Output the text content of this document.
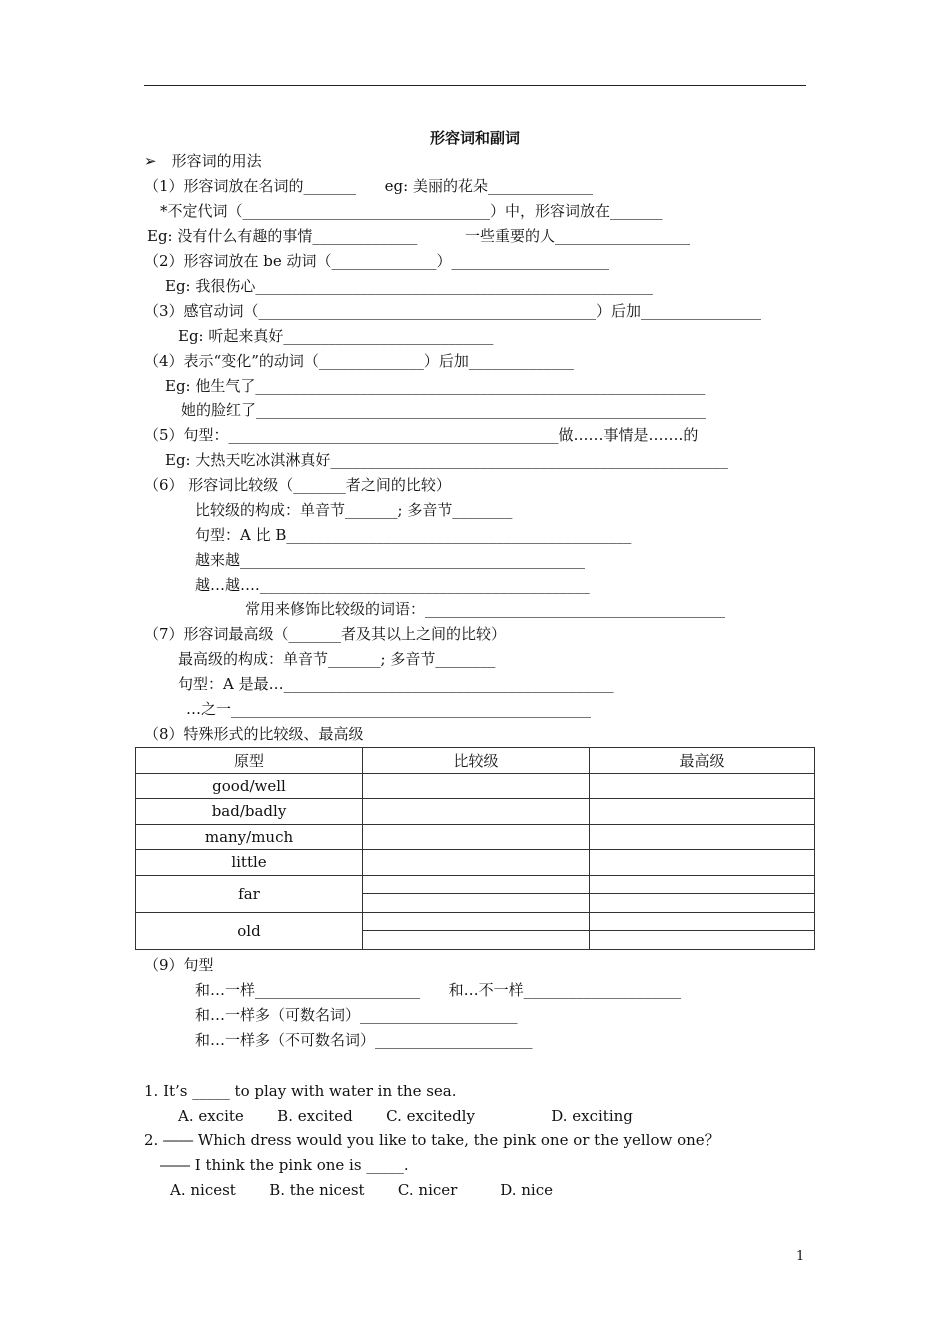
形容词和副词
➢　形容词的用法
（1）形容词放在名词的_______      eg: 美丽的花朵______________
*不定代词（_________________________________）中，形容词放在_______
Eg: 没有什么有趣的事情______________          一些重要的人__________________
（2）形容词放在 be 动词（______________）_____________________
Eg: 我很伤心_____________________________________________________
（3）感官动词（_____________________________________________）后加________________
Eg: 听起来真好____________________________
（4）表示“变化”的动词（______________）后加______________
Eg: 他生气了____________________________________________________________
她的脸红了____________________________________________________________
（5）句型：____________________________________________做……事情是…….的
Eg: 大热天吃冰淇淋真好_____________________________________________________
（6） 形容词比较级（_______者之间的比较）
比较级的构成：单音节_______; 多音节________
句型：A 比 B______________________________________________
越来越______________________________________________
越…越….____________________________________________
常用来修饰比较级的词语：________________________________________
（7）形容词最高级（_______者及其以上之间的比较）
最高级的构成：单音节_______; 多音节________
句型：A 是最…____________________________________________
…之一________________________________________________
（8）特殊形式的比较级、最高级
原型	比较级	最高级
good/well		
bad/badly		
many/much		
little		
far		

old		

（9）句型
和…一样______________________      和…不一样_____________________
和…一样多（可数名词）_____________________
和…一样多（不可数名词）_____________________
1. It’s _____ to play with water in the sea.
A. excite       B. excited       C. excitedly                D. exciting
2. ―― Which dress would you like to take, the pink one or the yellow one？
―― I think the pink one is _____.
A. nicest       B. the nicest       C. nicer         D. nice
1
